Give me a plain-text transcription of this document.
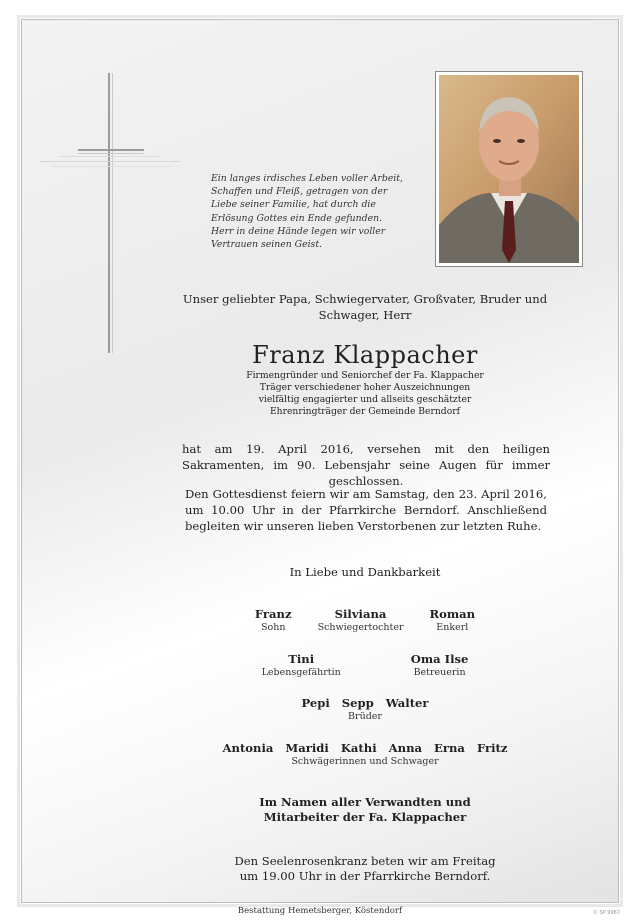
Ein langes irdisches Leben voller Arbeit,
Schaffen und Fleiß, getragen von der
Liebe seiner Familie, hat durch die
Erlösung Gottes ein Ende gefunden.
Herr in deine Hände legen wir voller
Vertrauen seinen Geist.
Unser geliebter Papa, Schwiegervater, Großvater, Bruder und Schwager, Herr
Franz Klappacher
Firmengründer und Seniorchef der Fa. Klappacher
Träger verschiedener hoher Auszeichnungen
vielfältig engagierter und allseits geschätzter
Ehrenringträger der Gemeinde Berndorf
hat am 19. April 2016, versehen mit den heiligen Sakramenten, im 90. Lebensjahr seine Augen für immer geschlossen.
Den Gottesdienst feiern wir am Samstag, den 23. April 2016, um 10.00 Uhr in der Pfarrkirche Berndorf. Anschließend begleiten wir unseren lieben Verstorbenen zur letzten Ruhe.
In Liebe und Dankbarkeit
Franz
Sohn
Silviana
Schwiegertochter
Roman
Enkerl
Tini
Lebensgefährtin
Oma Ilse
Betreuerin
Pepi Sepp Walter
Brüder
Antonia Maridi Kathi Anna Erna Fritz
Schwägerinnen und Schwager
Im Namen aller Verwandten und
Mitarbeiter der Fa. Klappacher
Den Seelenrosenkranz beten wir am Freitag
um 19.00 Uhr in der Pfarrkirche Berndorf.
Bestattung Hemetsberger, Köstendorf	© SP 9987
